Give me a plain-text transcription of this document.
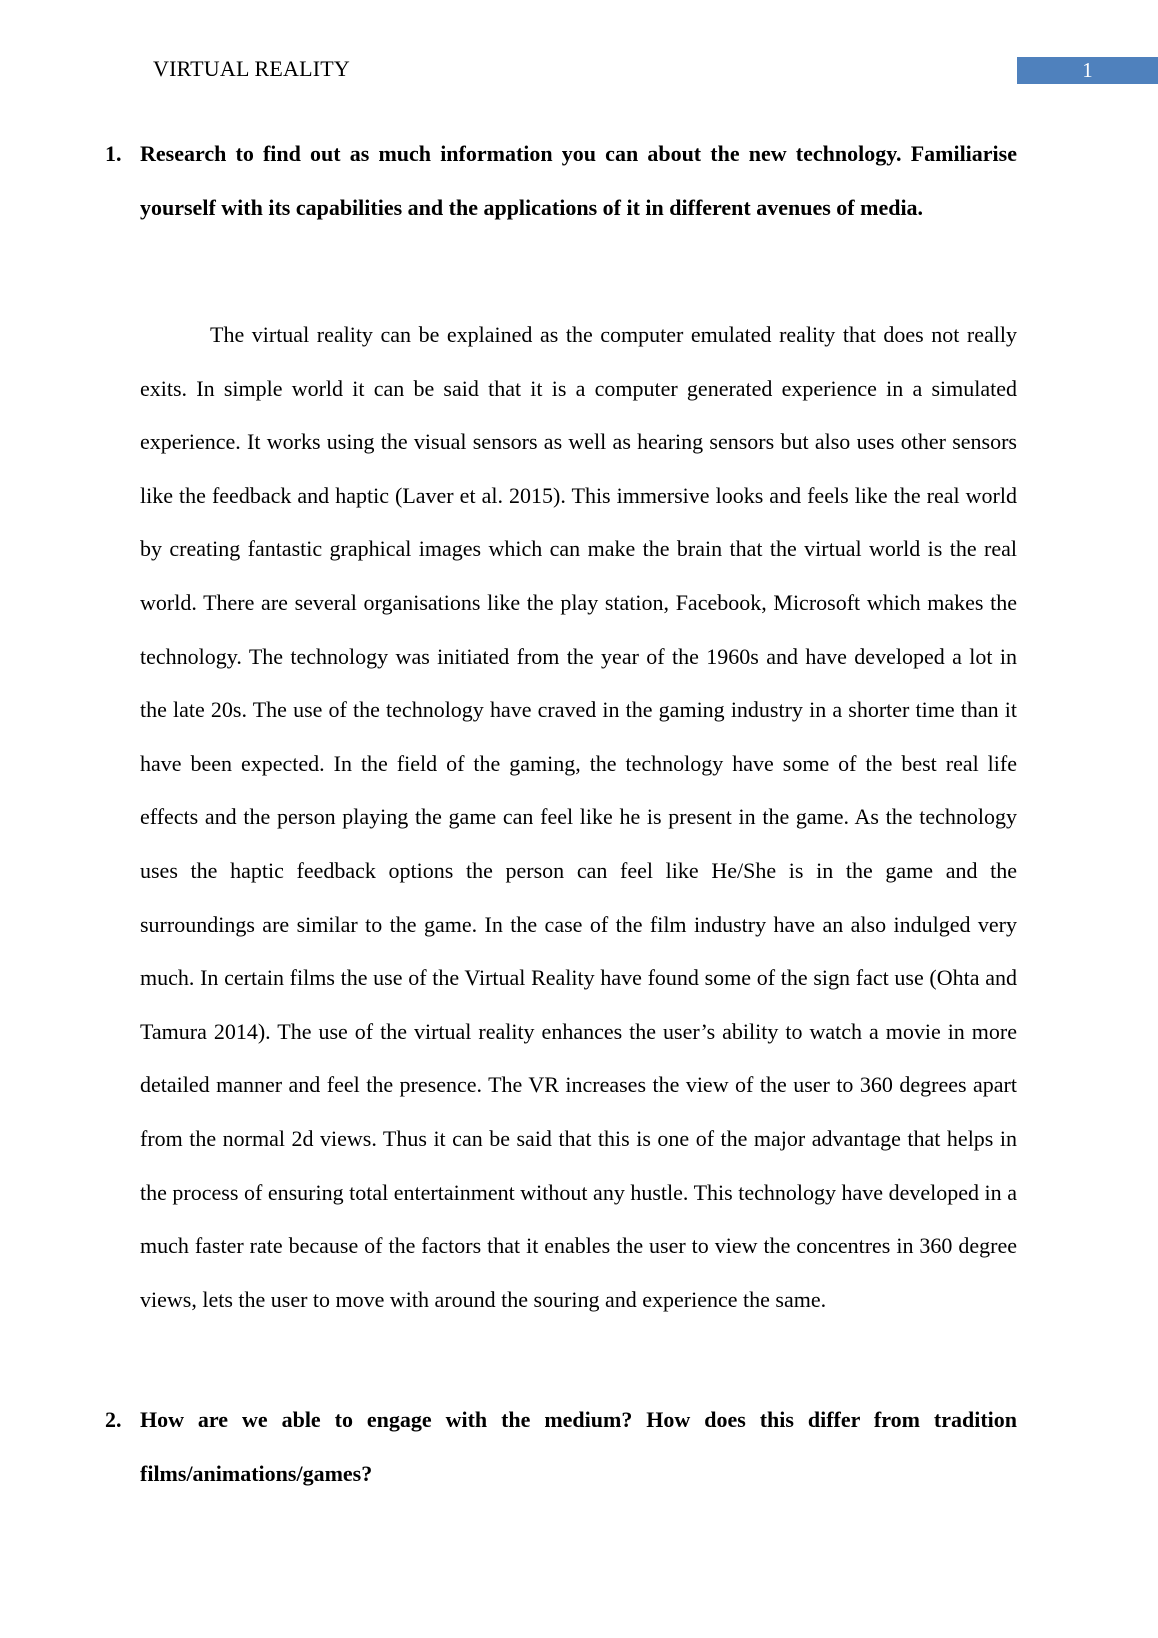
VIRTUAL REALITY	1
1. Research to find out as much information you can about the new technology. Familiarise yourself with its capabilities and the applications of it in different avenues of media.
The virtual reality can be explained as the computer emulated reality that does not really exits. In simple world it can be said that it is a computer generated experience in a simulated experience. It works using the visual sensors as well as hearing sensors but also uses other sensors like the feedback and haptic (Laver et al. 2015). This immersive looks and feels like the real world by creating fantastic graphical images which can make the brain that the virtual world is the real world. There are several organisations like the play station, Facebook, Microsoft which makes the technology. The technology was initiated from the year of the 1960s and have developed a lot in the late 20s. The use of the technology have craved in the gaming industry in a shorter time than it have been expected. In the field of the gaming, the technology have some of the best real life effects and the person playing the game can feel like he is present in the game. As the technology uses the haptic feedback options the person can feel like He/She is in the game and the surroundings are similar to the game. In the case of the film industry have an also indulged very much. In certain films the use of the Virtual Reality have found some of the sign fact use (Ohta and Tamura 2014). The use of the virtual reality enhances the user’s ability to watch a movie in more detailed manner and feel the presence. The VR increases the view of the user to 360 degrees apart from the normal 2d views. Thus it can be said that this is one of the major advantage that helps in the process of ensuring total entertainment without any hustle. This technology have developed in a much faster rate because of the factors that it enables the user to view the concentres in 360 degree views, lets the user to move with around the souring and experience the same.
2. How are we able to engage with the medium? How does this differ from tradition films/animations/games?
